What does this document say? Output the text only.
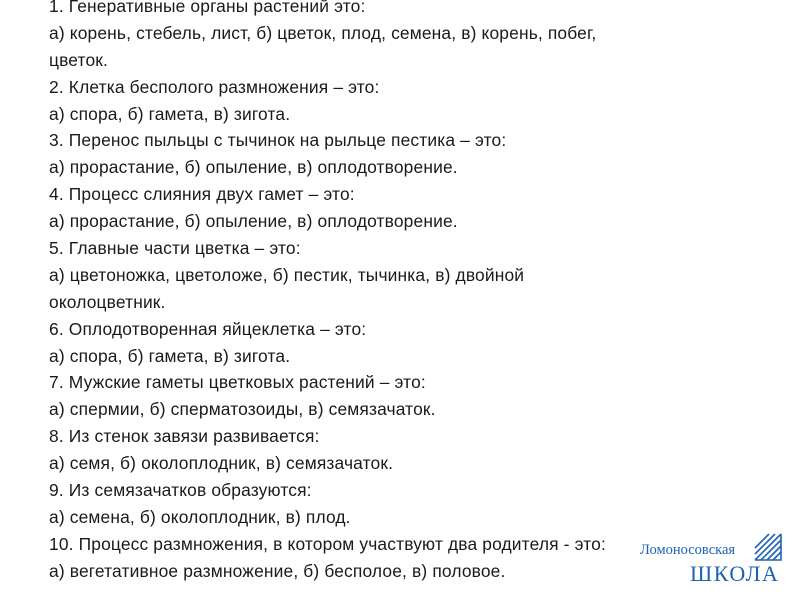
1. Генеративные органы растений это:
а) корень, стебель, лист, б) цветок, плод, семена, в) корень, побег,
цветок.
2. Клетка бесполого размножения – это:
а) спора, б) гамета, в) зигота.
3. Перенос пыльцы с тычинок на рыльце пестика – это:
а) прорастание, б) опыление, в) оплодотворение.
4. Процесс слияния двух гамет – это:
а) прорастание, б) опыление, в) оплодотворение.
5. Главные части цветка – это:
а) цветоножка, цветоложе, б) пестик, тычинка, в) двойной
околоцветник.
6. Оплодотворенная яйцеклетка – это:
а) спора, б) гамета, в) зигота.
7. Мужские гаметы цветковых растений – это:
а) спермии, б) сперматозоиды, в) семязачаток.
8. Из стенок завязи развивается:
а) семя, б) околоплодник, в) семязачаток.
9. Из семязачатков образуются:
а) семена, б) околоплодник, в) плод.
10. Процесс размножения, в котором участвуют два родителя - это:
а) вегетативное размножение, б) бесполое, в) половое.
Ломоносовская
ШКОЛА
